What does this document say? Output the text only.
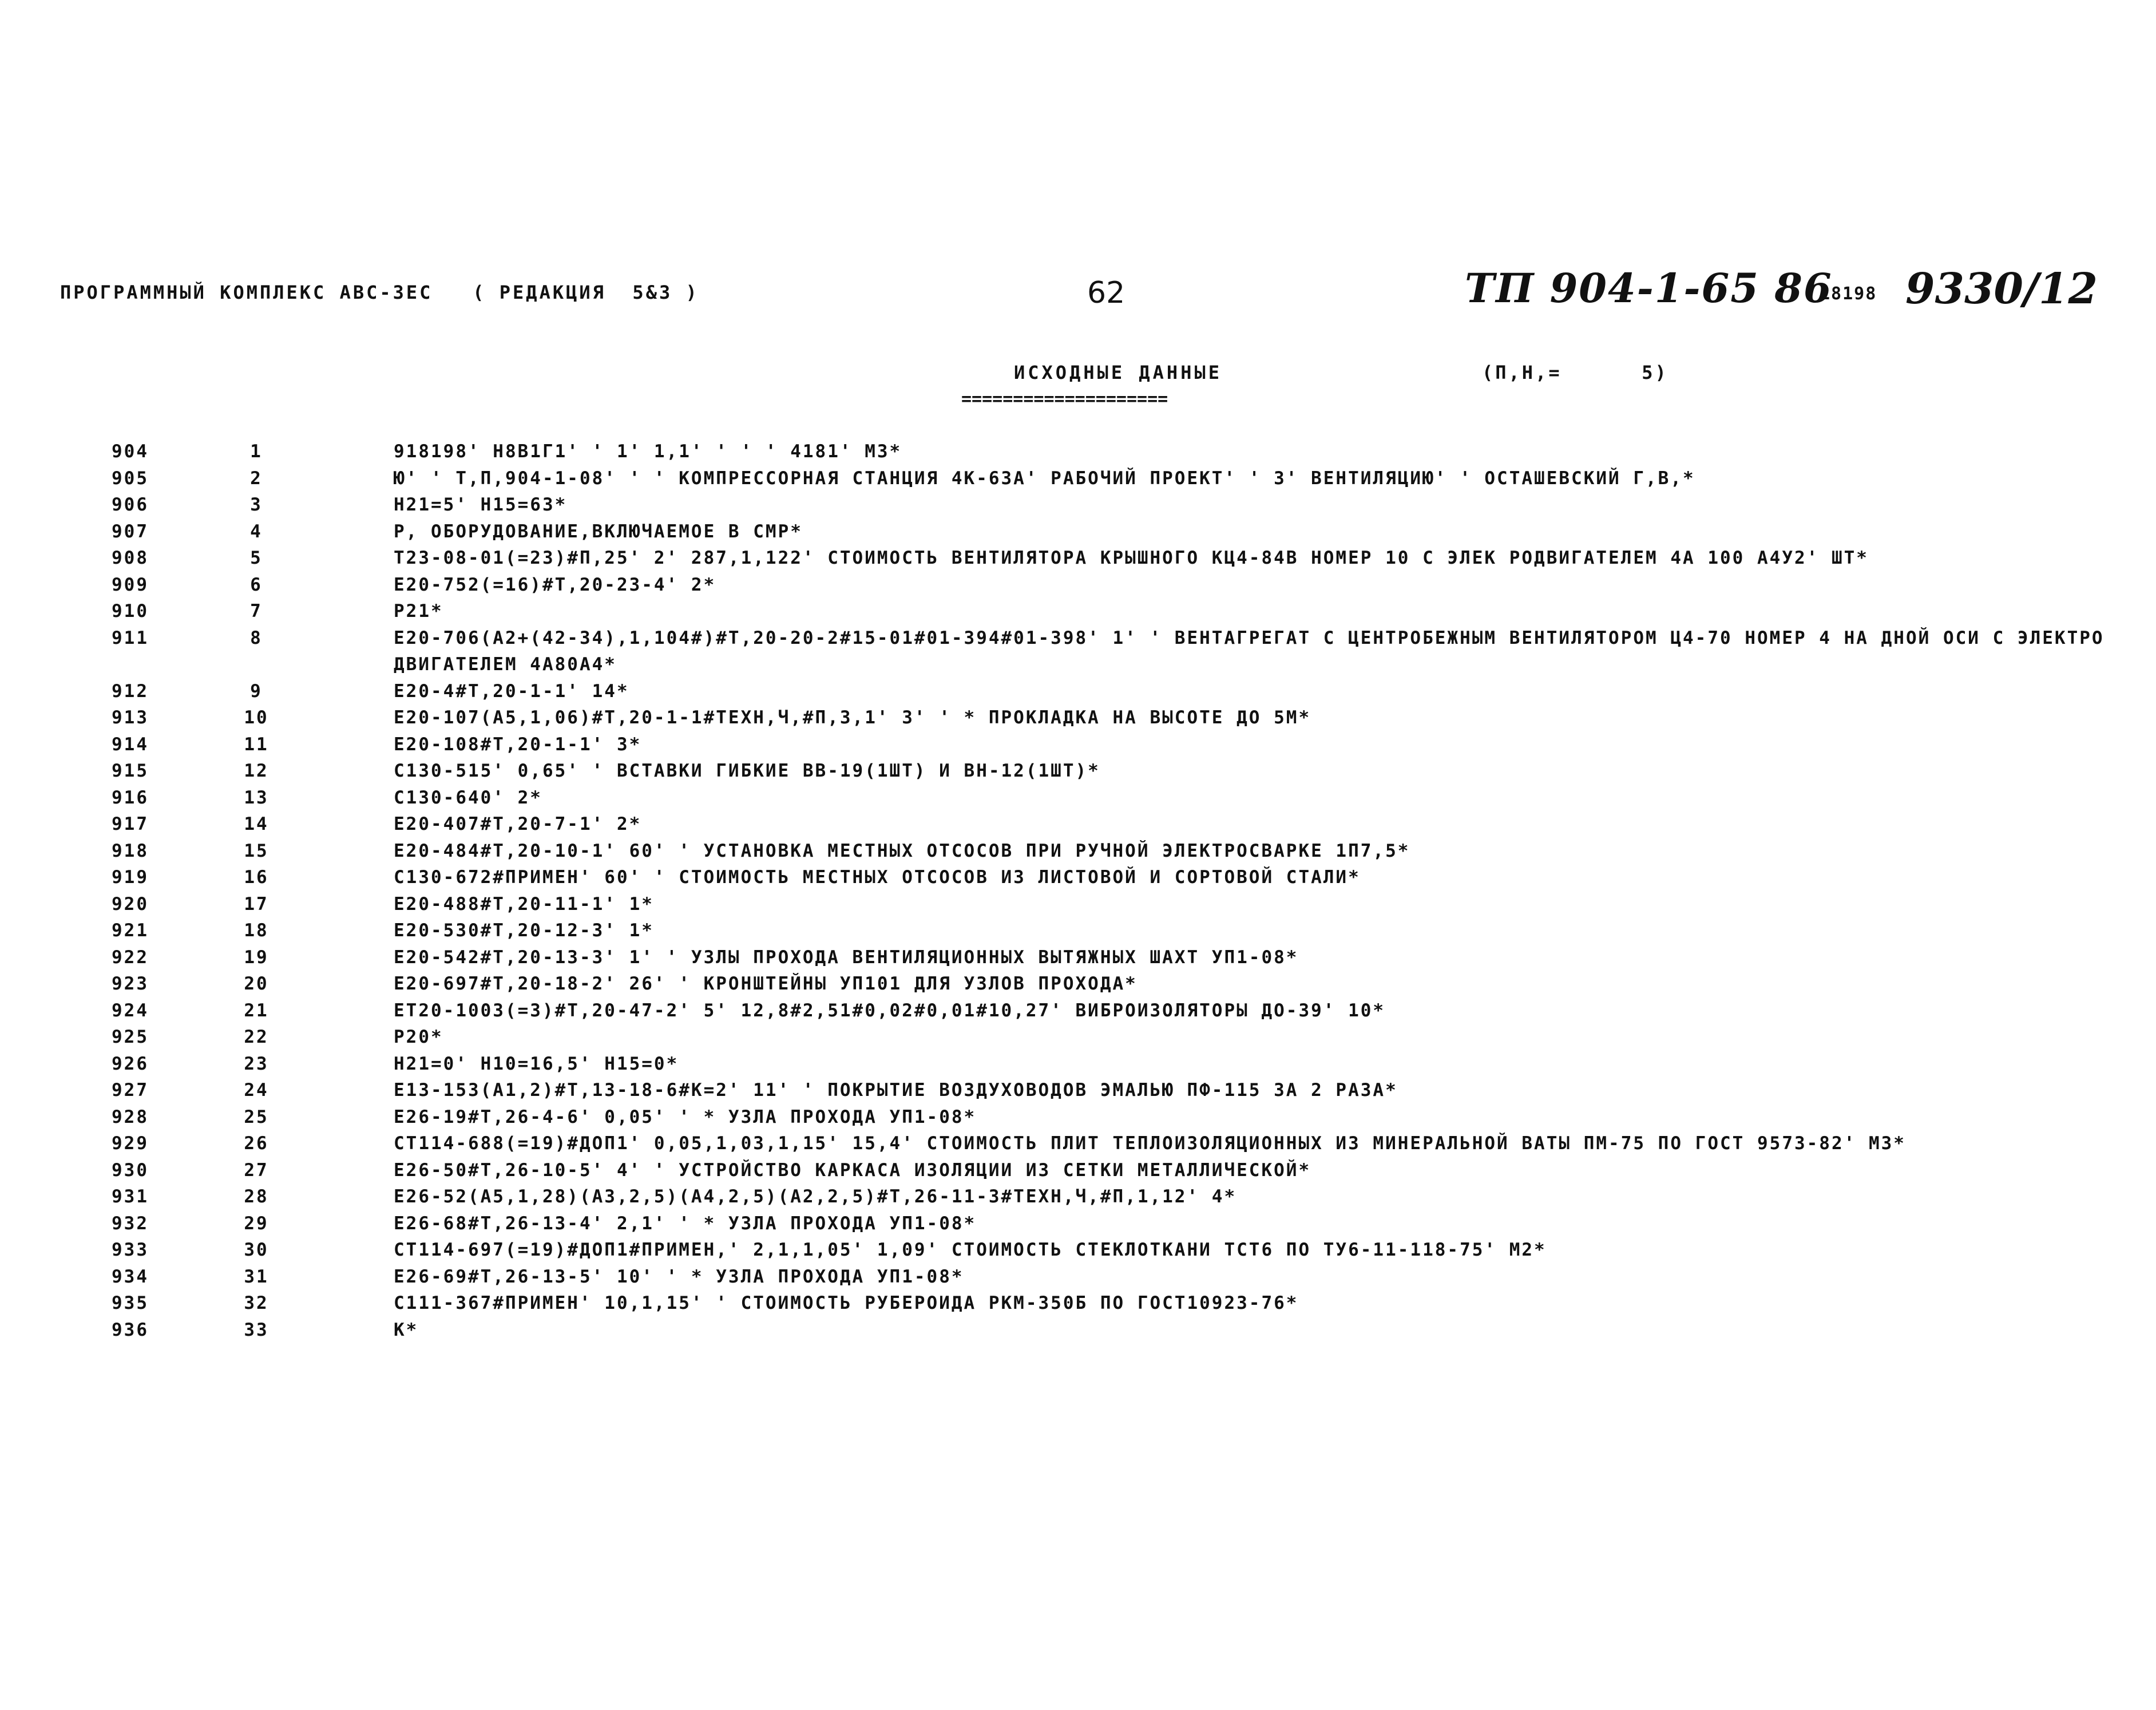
ПРОГРАММНЫЙ КОМПЛЕКС АВС-ЗЕС   ( РЕДАКЦИЯ  5&3 )	62	ТП 904-1-65 86
18198 9330/12
ИСХОДНЫЕ ДАННЫЕ
====================
(П,Н,=      5)
904	1	918198' Н8В1Г1' ' 1' 1,1' ' ' ' 4181' МЗ*
905	2	Ю' ' Т,П,904-1-08' ' ' КОМПРЕССОРНАЯ СТАНЦИЯ 4К-63А' РАБОЧИЙ ПРОЕКТ' ' 3' ВЕНТИЛЯЦИЮ' ' ОСТАШЕВСКИЙ Г,В,*
906	3	Н21=5' Н15=63*
907	4	Р, ОБОРУДОВАНИЕ,ВКЛЮЧАЕМОЕ В СМР*
908	5	Т23-08-01(=23)#П,25' 2' 287,1,122' СТОИМОСТЬ ВЕНТИЛЯТОРА КРЫШНОГО КЦ4-84В НОМЕР 10 С ЭЛЕК РОДВИГАТЕЛЕМ 4А 100 А4У2' ШТ*
909	6	Е20-752(=16)#Т,20-23-4' 2*
910	7	Р21*
911	8	Е20-706(А2+(42-34),1,104#)#Т,20-20-2#15-01#01-394#01-398' 1' ' ВЕНТАГРЕГАТ С ЦЕНТРОБЕЖНЫМ ВЕНТИЛЯТОРОМ Ц4-70 НОМЕР 4 НА ДНОЙ ОСИ С ЭЛЕКТРОДВИГАТЕЛЕМ 4А80А4*
912	9	Е20-4#Т,20-1-1' 14*
913	10	Е20-107(А5,1,06)#Т,20-1-1#ТЕХН,Ч,#П,3,1' 3' ' * ПРОКЛАДКА НА ВЫСОТЕ ДО 5М*
914	11	Е20-108#Т,20-1-1' 3*
915	12	С130-515' 0,65' ' ВСТАВКИ ГИБКИЕ ВВ-19(1ШТ) И ВН-12(1ШТ)*
916	13	С130-640' 2*
917	14	Е20-407#Т,20-7-1' 2*
918	15	Е20-484#Т,20-10-1' 60' ' УСТАНОВКА МЕСТНЫХ ОТСОСОВ ПРИ РУЧНОЙ ЭЛЕКТРОСВАРКЕ 1П7,5*
919	16	С130-672#ПРИМЕН' 60' ' СТОИМОСТЬ МЕСТНЫХ ОТСОСОВ ИЗ ЛИСТОВОЙ И СОРТОВОЙ СТАЛИ*
920	17	Е20-488#Т,20-11-1' 1*
921	18	Е20-530#Т,20-12-3' 1*
922	19	Е20-542#Т,20-13-3' 1' ' УЗЛЫ ПРОХОДА ВЕНТИЛЯЦИОННЫХ ВЫТЯЖНЫХ ШАХТ УП1-08*
923	20	Е20-697#Т,20-18-2' 26' ' КРОНШТЕЙНЫ УП101 ДЛЯ УЗЛОВ ПРОХОДА*
924	21	ЕТ20-1003(=3)#Т,20-47-2' 5' 12,8#2,51#0,02#0,01#10,27' ВИБРОИЗОЛЯТОРЫ ДО-39' 10*
925	22	Р20*
926	23	Н21=0' Н10=16,5' Н15=0*
927	24	Е13-153(А1,2)#Т,13-18-6#К=2' 11' ' ПОКРЫТИЕ ВОЗДУХОВОДОВ ЭМАЛЬЮ ПФ-115 ЗА 2 РАЗА*
928	25	Е26-19#Т,26-4-6' 0,05' ' * УЗЛА ПРОХОДА УП1-08*
929	26	СТ114-688(=19)#ДОП1' 0,05,1,03,1,15' 15,4' СТОИМОСТЬ ПЛИТ ТЕПЛОИЗОЛЯЦИОННЫХ ИЗ МИНЕРАЛЬНОЙ ВАТЫ ПМ-75 ПО ГОСТ 9573-82' МЗ*
930	27	Е26-50#Т,26-10-5' 4' ' УСТРОЙСТВО КАРКАСА ИЗОЛЯЦИИ ИЗ СЕТКИ МЕТАЛЛИЧЕСКОЙ*
931	28	Е26-52(А5,1,28)(А3,2,5)(А4,2,5)(А2,2,5)#Т,26-11-3#ТЕХН,Ч,#П,1,12' 4*
932	29	Е26-68#Т,26-13-4' 2,1' ' * УЗЛА ПРОХОДА УП1-08*
933	30	СТ114-697(=19)#ДОП1#ПРИМЕН,' 2,1,1,05' 1,09' СТОИМОСТЬ СТЕКЛОТКАНИ ТСТ6 ПО ТУ6-11-118-75' М2*
934	31	Е26-69#Т,26-13-5' 10' ' * УЗЛА ПРОХОДА УП1-08*
935	32	С111-367#ПРИМЕН' 10,1,15' ' СТОИМОСТЬ РУБЕРОИДА РКМ-350Б ПО ГОСТ10923-76*
936	33	К*
